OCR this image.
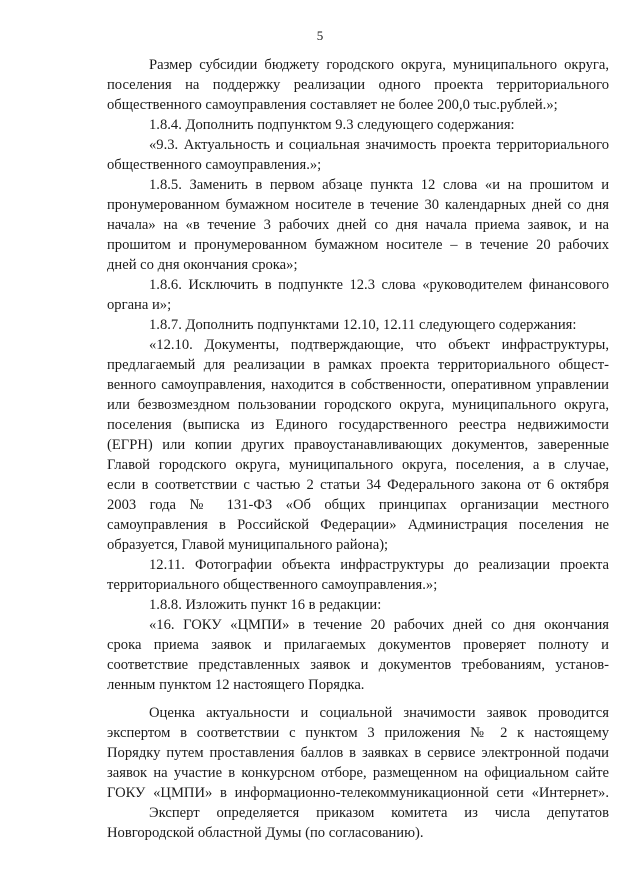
5
Размер субсидии бюджету городского округа, муниципального округа,
поселения на поддержку реализации одного проекта территориального
общественного самоуправления составляет не более 200,0 тыс.рублей.»;
1.8.4. Дополнить подпунктом 9.3 следующего содержания:
«9.3. Актуальность и социальная значимость проекта территориального
общественного самоуправления.»;
1.8.5. Заменить в первом абзаце пункта 12 слова «и на прошитом и
пронумерованном бумажном носителе в течение 30 календарных дней со дня
начала» на «в течение 3 рабочих дней со дня начала приема заявок, и на
прошитом и пронумерованном бумажном носителе – в течение 20 рабочих
дней со дня окончания срока»;
1.8.6. Исключить в подпункте 12.3 слова «руководителем финансового
органа и»;
1.8.7. Дополнить подпунктами 12.10, 12.11 следующего содержания:
«12.10. Документы, подтверждающие, что объект инфраструктуры,
предлагаемый для реализации в рамках проекта территориального общест-
венного самоуправления, находится в собственности, оперативном управлении
или безвозмездном пользовании городского округа, муниципального округа,
поселения (выписка из Единого государственного реестра недвижимости
(ЕГРН) или копии других правоустанавливающих документов, заверенные
Главой городского округа, муниципального округа, поселения, а в случае,
если в соответствии с частью 2 статьи 34 Федерального закона от 6 октября
2003 года № 131-ФЗ «Об общих принципах организации местного
самоуправления в Российской Федерации» Администрация поселения не
образуется, Главой муниципального района);
12.11. Фотографии объекта инфраструктуры до реализации проекта
территориального общественного самоуправления.»;
1.8.8. Изложить пункт 16 в редакции:
«16. ГОКУ «ЦМПИ» в течение 20 рабочих дней со дня окончания
срока приема заявок и прилагаемых документов проверяет полноту и
соответствие представленных заявок и документов требованиям, установ-
ленным пунктом 12 настоящего Порядка.
Оценка актуальности и социальной значимости заявок проводится
экспертом в соответствии с пунктом 3 приложения № 2 к настоящему
Порядку путем проставления баллов в заявках в сервисе электронной подачи
заявок на участие в конкурсном отборе, размещенном на официальном сайте
ГОКУ «ЦМПИ» в информационно-телекоммуникационной сети «Интернет».
Эксперт определяется приказом комитета из числа депутатов
Новгородской областной Думы (по согласованию).
